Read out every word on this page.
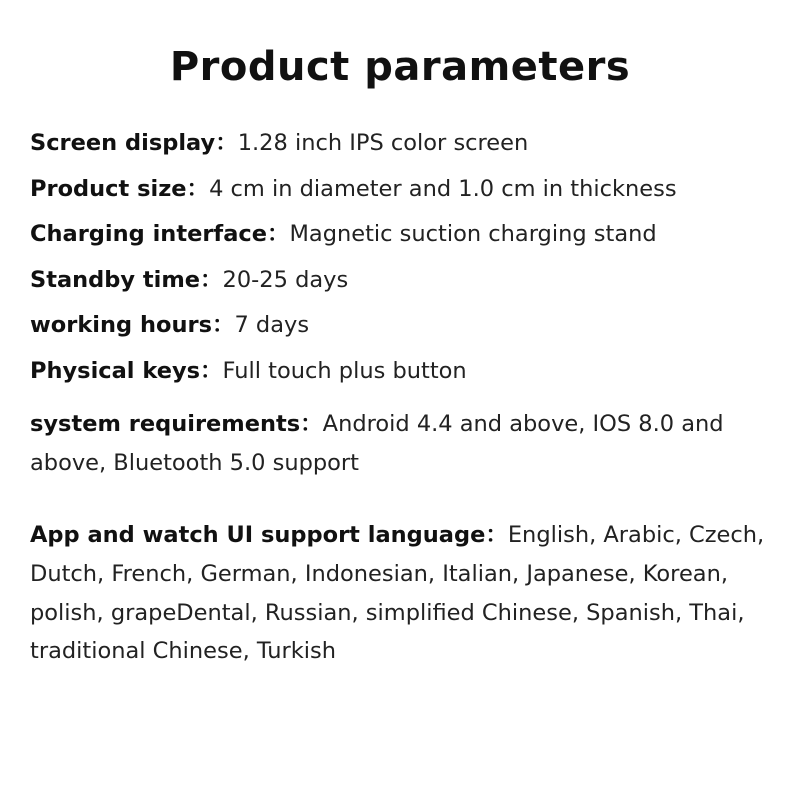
Product parameters
Screen display：1.28 inch IPS color screen
Product size：4 cm in diameter and 1.0 cm in thickness
Charging interface：Magnetic suction charging stand
Standby time：20-25 days
working hours：7 days
Physical keys：Full touch plus button
system requirements：Android 4.4 and above, IOS 8.0 and above, Bluetooth 5.0 support
App and watch UI support language：English, Arabic, Czech, Dutch, French, German, Indonesian, Italian, Japanese, Korean, polish, grapeDental, Russian, simplified Chinese, Spanish, Thai, traditional Chinese, Turkish
